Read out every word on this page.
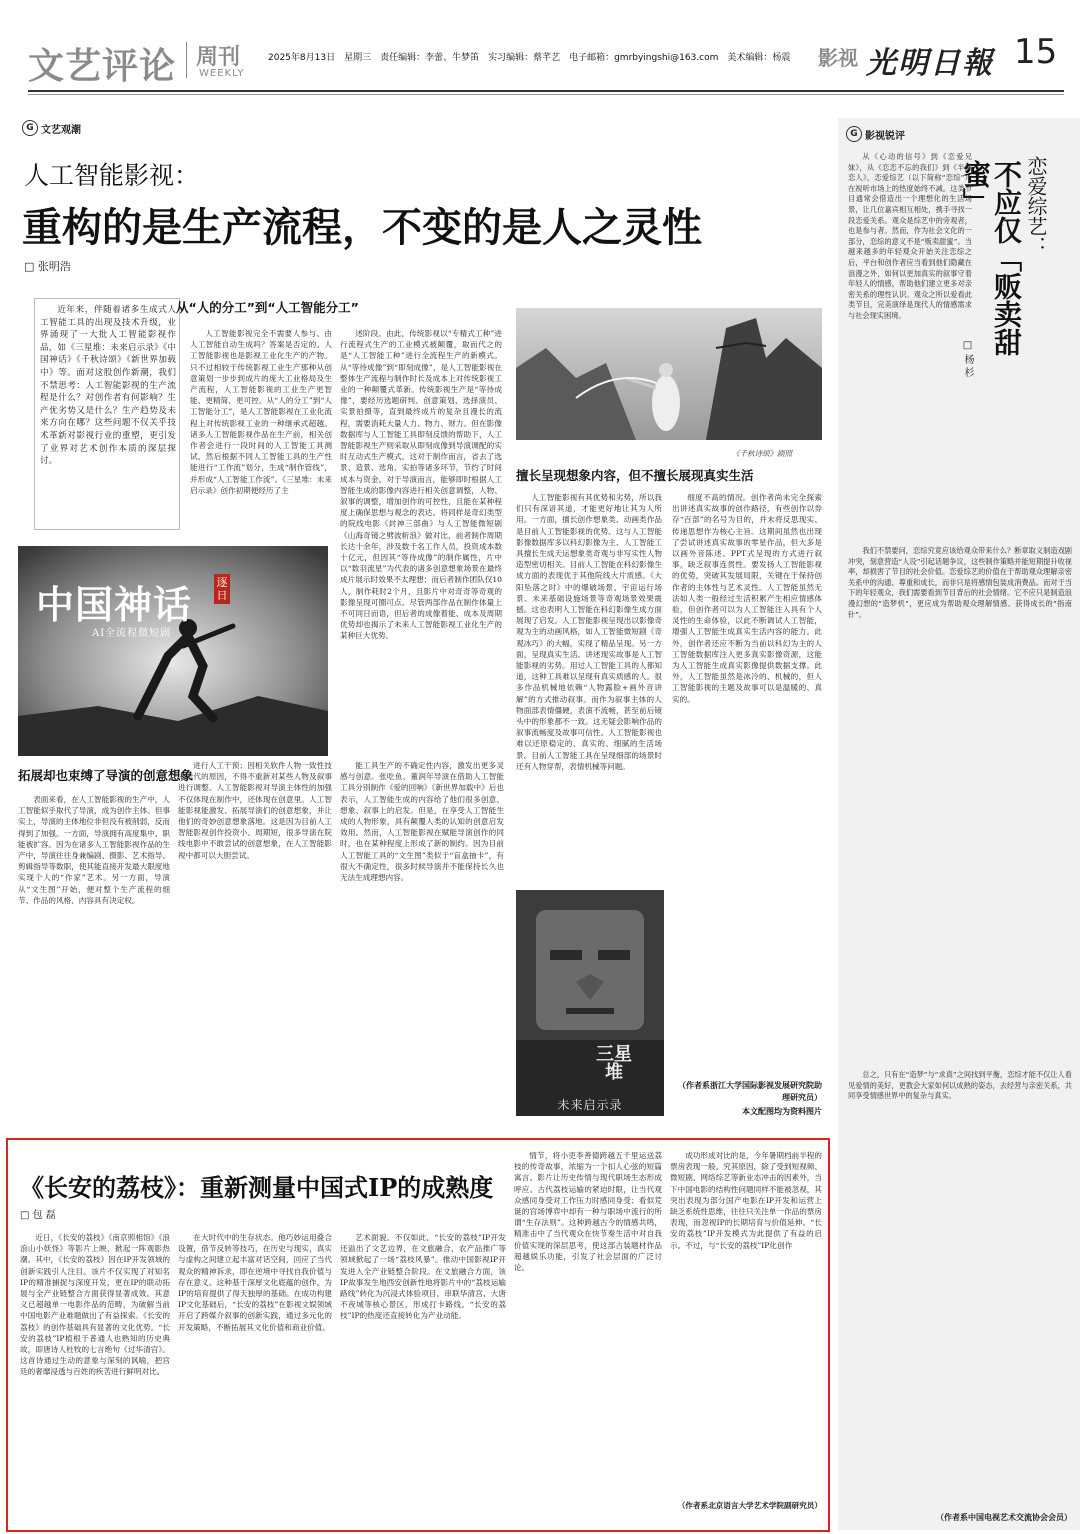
文艺评论 周刊
WEEKLY
2025年8月13日　星期三　责任编辑：李蕾、牛梦笛　实习编辑：蔡芊艺　电子邮箱：gmrbyingshi@163.com　美术编辑：杨震 影视 光明日報 15
G 文艺观潮
人工智能影视：
重构的是生产流程，不变的是人之灵性
□ 张明浩

近年来，伴随着诸多生成式人工智能工具的出现及技术升级，业界涌现了一大批人工智能影视作品，如《三星堆：未来启示录》《中国神话》《千秋诗颂》《新世界加载中》等。面对这股创作新潮，我们不禁思考：人工智能影视的生产流程是什么？对创作者有何影响？生产优劣势又是什么？生产趋势及未来方向在哪？这些问题不仅关乎技术革新对影视行业的重塑，更引发了业界对艺术创作本质的深层探讨。

从“人的分工”到“人工智能分工”

人工智能影视完全不需要人参与、由人工智能自动生成吗？答案是否定的。人工智能影视也是影视工业化生产的产物。只不过相较于传统影视工业生产那种从创意策划一步步到成片的庞大工业格局及生产流程，人工智能影视的工业生产更智能、更精简、更可控。从“人的分工”到“人工智能分工”，是人工智能影视在工业化流程上对传统影视工业的一种继承式超越。诸多人工智能影视作品在生产前，相关创作者会进行一段时间的人工智能工具测试，然后根据不同人工智能工具的生产性能进行“工作流”划分，生成“制作管线”，并形成“人工智能工作流”。《三星堆：未来启示录》创作初期便经历了主

述阶段。由此，传统影视以“专精式工种”进行流程式生产的工业模式被颠覆，取而代之的是“人工智能工种”进行全流程生产的新模式。从“等待成像”到“即刻成像”，是人工智能影视在整体生产流程与制作时长及成本上对传统影视工业的一种颠覆式革新。传统影视生产是“等待成像”，要经历选题研判、创意策划、选择演员、实景拍摄等，直到最终成片的复杂且漫长的流程，需要消耗大量人力、物力、财力。但在影像数据库与人工智能工具即刻反馈的帮助下，人工智能影视生产则采取从即刻成像到导演调配的实时互动式生产模式。这对于制作而言，省去了选景、造景、选角、实拍等诸多环节，节约了时间成本与资金。对于导演而言，能够即时根据人工智能生成的影像内容进行相关创意调整，人物、叙事的调整，增加创作的可控性，且能在某种程度上确保思想与观念的表达。将同样是奇幻类型的院线电影《封神三部曲》与人工智能微短剧《山海奇镜之劈波斩浪》做对比，前者制作周期长达十余年，涉及数千名工作人员，投资成本数十亿元，但因其“等待成像”的制作属性，片中以“数羽流星”为代表的诸多创意想象场景在最终成片展示时效果不太理想；而后者制作团队仅10人，制作耗时2个月，且影片中对奇奇等奇观的影像呈现可圈可点。尽管两部作品在制作体量上不可同日而语，但后者的成像着能、成本及周期优势却也揭示了未来人工智能影视工业化生产的某种巨大优势。

《千秋诗颂》剧照
擅长呈现想象内容，但不擅长展现真实生活

人工智能影视有其优势和劣势，所以我们只有深谙其道，才能更好地让其为人所用。一方面，擅长创作想象类、动画类作品是目前人工智能影视的优势。这与人工智能影像数据库多以科幻影像为主、人工智能工具擅长生成天运想象类奇观与非写实性人物造型密切相关。目前人工智能在科幻影像生成方面的表现优于其他院线大片质感。《大阳坠落之时》中的爆破场景、宇宙运行场景、未来基础设施场景等奇观场景效果震撼。这也表明人工智能在科幻影像生成方面展现了启发。人工智能影视呈现出以影像奇观为主的动画风格，如人工智能微短剧《奇观冰巧》的大幅，实现了精品呈现。另一方面，呈现真实生活、讲述现实故事是人工智能影视的劣势。用过人工智能工具的人都知道，这种工具难以呈现有真实质感的人。很多作品机械地依赖“人物露脸+画外音讲解”的方式推动叙事。而作为叙事主体的人物面部表情僵硬，表演不流畅，甚至前后镜头中的形象都不一致。这无疑会影响作品的叙事流畅度及故事可信性。人工智能影视也难以还原稳定的、真实的、细腻的生活场景。目前人工智能工具在呈现细部的场景时还有人物穿帮，表情机械等问题。

细度不高的情况。创作者尚未完全探索出讲述真实故事的创作路径，有些创作以券存“百部”的名号为目的，并未将反思现实、传递思想作为核心主旨。这期间虽然也出现了尝试讲述真实故事的零星作品，但大多是以画外音陈述、PPT式呈现的方式进行叙事，缺乏叙事连贯性。要发扬人工智能影视的优势，突破其发展局限，关键在于保持创作者的主体性与艺术灵性。人工智能虽然无法如人类一般经过生活积累产生相应情感体验，但创作者可以为人工智能注入具有个人灵性的生命体验，以此不断调试人工智能，增强人工智能生成真实生活内容的能力。此外，创作者还应不断为当前以科幻为主的人工智能数据库注入更多真实影像资源，这能为人工智能生成真实影像提供数据支撑。此外，人工智能虽然是冰冷的、机械的，但人工智能影视的主题及故事可以是温暖的、真实的。

（作者系浙江大学国际影视发展研究院助理研究员）
本文配图均为资料图片
中国神话
逐日
AI全流程微短剧
拓展却也束缚了导演的创意想象

表面来看，在人工智能影视的生产中，人工智能似乎取代了导演，成为创作主体。但事实上，导演的主体地位非但没有被削弱，反而得到了加强。一方面，导演拥有高度集中、职能被扩容。因为在诸多人工智能影视作品的生产中，导演往往身兼编剧、摄影、艺术指导、剪辑指导等数职，使其能直接开发最大限度地实现个人的“作家”艺术。另一方面，导演从“文生图”开始，便对整个生产流程的细节、作品的风格、内容具有决定权。

进行人工干预；因相关软件人物一致性技术选代的原因，不得不重新对某些人物及叙事进行调整。人工智能影视对导演主体性的加强不仅体现在制作中，还体现在创意里。人工智能影视能激发、拓展导演们的创意想象，并让他们的奇妙创意想象落地。这是因为目前人工智能影视创作投资小、周期短，很多导演在院线电影中不敢尝试的创意想象，在人工智能影视中都可以大胆尝试。

能工具生产的不确定性内容，激发出更多灵感与创意。张吃鱼、董润年导演在借助人工智能工具分别制作《爱的回响》《新世界加载中》后也表示，人工智能生成的内容给了他们很多创意、想象、叙事上的启发。但是，在享受人工智能生成的人物形象，具有颠覆人类的认知的创意启发效用。然而，人工智能影视在赋能导演创作的同时，也在某种程度上形成了新的制约。因为目前人工智能工具的“文生图”类似于“盲盒抽卡”，有很大不确定性，很多时候导演并不能保持长久也无法生成理想内容。

三星堆
未来启示录
G 影视锐评
恋爱综艺：
不应仅「贩卖甜蜜」
□ 杨 杉

从《心动的信号》到《恋爱兄妹》，从《恋恋不忘的我们》到《半熟恋人》，恋爱综艺（以下简称“恋综”）在视听市场上的热度始终不减。这类节目通常会借造出一个理想化的生活场景，让几位嘉宾相互相处，携手寻找一段恋爱关系。观众是综艺中的旁观者，也是参与者。然而，作为社会文化的一部分，恋综的意义不是“贩卖甜蜜”。当越来越多的年轻观众开始关注恋综之后，平台和创作者应当看到他们隐藏在浪漫之外，如何以更加真实的叙事守着年轻人的情感，帮助他们建立更多对亲密关系的理性认识。观众之所以爱看此类节目，完美演绎是现代人的情感需求与社会现实困境。

我们不禁要问，恋综究竟应该给观众带来什么？断章取义制造戏剧冲突，刻意营造“人设”引起话题争议，这些制作策略并能短期提升收视率，却损害了节目的社会价值。恋爱综艺的价值在于帮助观众理解亲密关系中的沟通、尊重和成长，而非只是将感情包装成消费品。而对于当下的年轻观众，我们需要看到节目背后的社会情绪。它不应只是制造浪漫幻想的“造梦机”，更应成为帮助观众理解情感、获得成长的“指南针”。

总之，只有在“造梦”与“求真”之间找到平衡，恋综才能不仅让人看见爱情的美好，更教会大家如何以成熟的姿态，去经营与亲密关系，共同享受情感世界中的复杂与真实。

（作者系中国电视艺术交流协会会员）
《长安的荔枝》：重新测量中国式IP的成熟度
□ 包 磊

近日，《长安的荔枝》《南京照相馆》《浪浪山小妖怪》等影片上映，掀起一阵观影热潮。其中，《长安的荔枝》因在IP开发领域的创新实践引人注目。该片不仅实现了对知名IP的精准捕捉与深度开发，更在IP的联动拓展与全产业链整合方面获得显著成效。其意义已超越单一电影作品的范畴，为破解当前中国电影产业难题做出了有益探索。《长安的荔枝》的创作基础具有显著的文化优势。“长安的荔枝”IP植根于普通人也熟知的历史典故，即唐诗人杜牧的七言绝句《过华清宫》。这首诗通过生动的意象与深刻的讽喻，把宫廷的奢靡浸透与百姓的疾苦进行鲜明对比。

在大时代中的生存状态。他巧妙运用叠合设置，借节反转等技巧，在历史与现实，真实与虚构之间建立起丰富对话空间，回应了当代观众的精神诉求，即在逆境中寻找自我价值与存在意义。这种基于深厚文化底蕴的创作，为IP的培育提供了得天独厚的基础。在成功构建IP文化基础后，“长安的荔枝”在影视文娱领域开启了跨媒介叙事的创新实践，通过多元化的开发策略，不断拓展其文化价值和商业价值。

艺术面貌。不仅如此，“长安的荔枝”IP开发还溢出了文艺边界，在文旅融合、农产品推广等领域掀起了一场“荔枝风暴”。推动中国影视IP开发进入全产业链整合阶段。在文旅融合方面，该IP故事发生地西安创新性地将影片中的“荔枝运输路线”转化为沉浸式体验项目，串联华清宫、大唐不夜城等核心景区，形成打卡路线。“长安的荔枝”IP的热度还直接转化为产业动能。

情节，将小吏李善德跨越五千里运送荔枝的传奇故事，浓缩为一个扣人心弦的短篇寓言。影片让历史传情与现代职场生态形成呼应。古代荔枝运输的紧迫时限，让当代观众感同身受对工作压力时感同身受；看似荒诞的官场博弈中却有一种与职场中流行的所谓“生存法则”。这种跨越古今的情感共鸣，精准击中了当代观众在快节奏生活中对自我价值实现的深层思考，使这部古装题材作品超越娱乐功能，引发了社会层面的广泛讨论。

成功形成对比的是，今年暑期档前半程的票房表现一般。究其原因，除了受到短视频、微短剧、网络综艺等新业态冲击的因素外，当下中国电影的结构性问题同样不能被忽视，其突出表现为部分国产电影在IP开发和运营上缺乏系统性思维，往往只关注单一作品的票房表现，而忽视IP的长期培育与价值延伸。“长安的荔枝”IP开发模式为此提供了有益的启示。不过，与“长安的荔枝”IP化创作

（作者系北京语言大学艺术学院副研究员）
